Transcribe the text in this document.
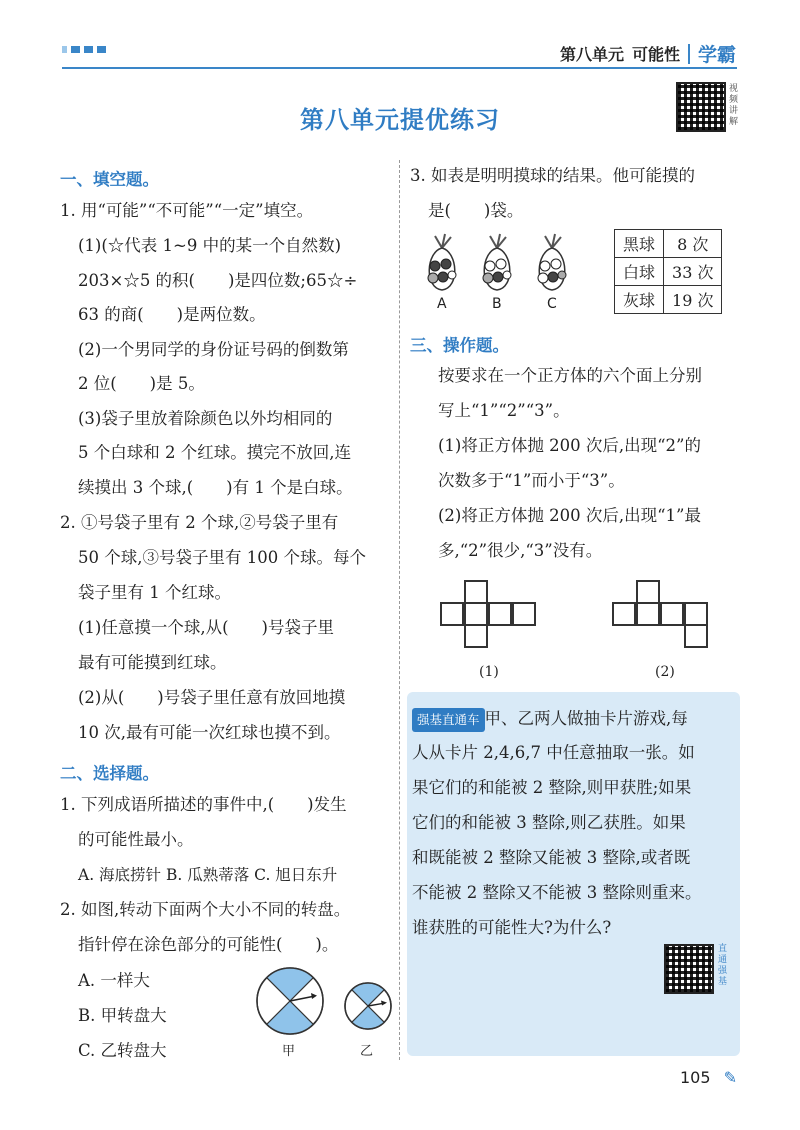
第八单元 可能性 学霸
第八单元提优练习
视
频
讲
解
一、填空题。
1. 用“可能”“不可能”“一定”填空。
(1)(☆代表 1~9 中的某一个自然数)
203×☆5 的积(　　)是四位数;65☆÷
63 的商(　　)是两位数。
(2)一个男同学的身份证号码的倒数第
2 位(　　)是 5。
(3)袋子里放着除颜色以外均相同的
5 个白球和 2 个红球。摸完不放回,连
续摸出 3 个球,(　　)有 1 个是白球。
2. ①号袋子里有 2 个球,②号袋子里有
50 个球,③号袋子里有 100 个球。每个
袋子里有 1 个红球。
(1)任意摸一个球,从(　　)号袋子里
最有可能摸到红球。
(2)从(　　)号袋子里任意有放回地摸
10 次,最有可能一次红球也摸不到。
二、选择题。
1. 下列成语所描述的事件中,(　　)发生
的可能性最小。
A. 海底捞针 B. 瓜熟蒂落 C. 旭日东升
2. 如图,转动下面两个大小不同的转盘。
指针停在涂色部分的可能性(　　)。
A. 一样大
B. 甲转盘大
C. 乙转盘大	甲	乙
3. 如表是明明摸球的结果。他可能摸的
是(　　)袋。
A	B	C
黑球	8 次
白球	33 次
灰球	19 次
三、操作题。
按要求在一个正方体的六个面上分别
写上“1”“2”“3”。
(1)将正方体抛 200 次后,出现“2”的
次数多于“1”而小于“3”。
(2)将正方体抛 200 次后,出现“1”最
多,“2”很少,“3”没有。
(1)	(2)
强基直通车 甲、乙两人做抽卡片游戏,每
人从卡片 2,4,6,7 中任意抽取一张。如
果它们的和能被 2 整除,则甲获胜;如果
它们的和能被 3 整除,则乙获胜。如果
和既能被 2 整除又能被 3 整除,或者既
不能被 2 整除又不能被 3 整除则重来。
谁获胜的可能性大?为什么?
直
通
强
基
105 ✎
